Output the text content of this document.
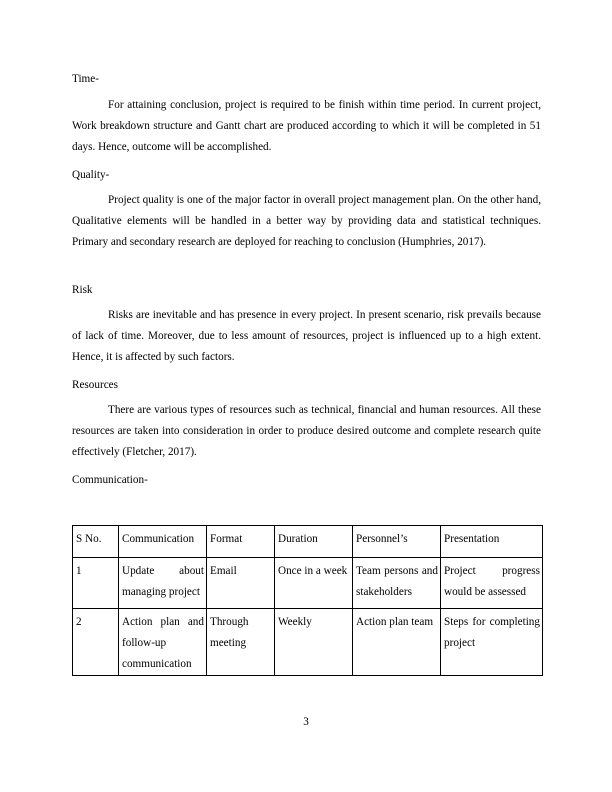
Time-

For attaining conclusion, project is required to be finish within time period. In current project, Work breakdown structure and Gantt chart are produced according to which it will be completed in 51 days. Hence, outcome will be accomplished.

Quality-

Project quality is one of the major factor in overall project management plan. On the other hand, Qualitative elements will be handled in a better way by providing data and statistical techniques. Primary and secondary research are deployed for reaching to conclusion (Humphries, 2017).

Risk

Risks are inevitable and has presence in every project. In present scenario, risk prevails because of lack of time. Moreover, due to less amount of resources, project is influenced up to a high extent. Hence, it is affected by such factors.

Resources

There are various types of resources such as technical, financial and human resources. All these resources are taken into consideration in order to produce desired outcome and complete research quite effectively (Fletcher, 2017).

Communication-
S No.	Communication	Format	Duration	Personnel’s	Presentation
1	Update about managing project	Email	Once in a week	Team persons and stakeholders	Project progress would be assessed
2	Action plan and follow-up communication	Through meeting	Weekly	Action plan team	Steps for completing project
3
